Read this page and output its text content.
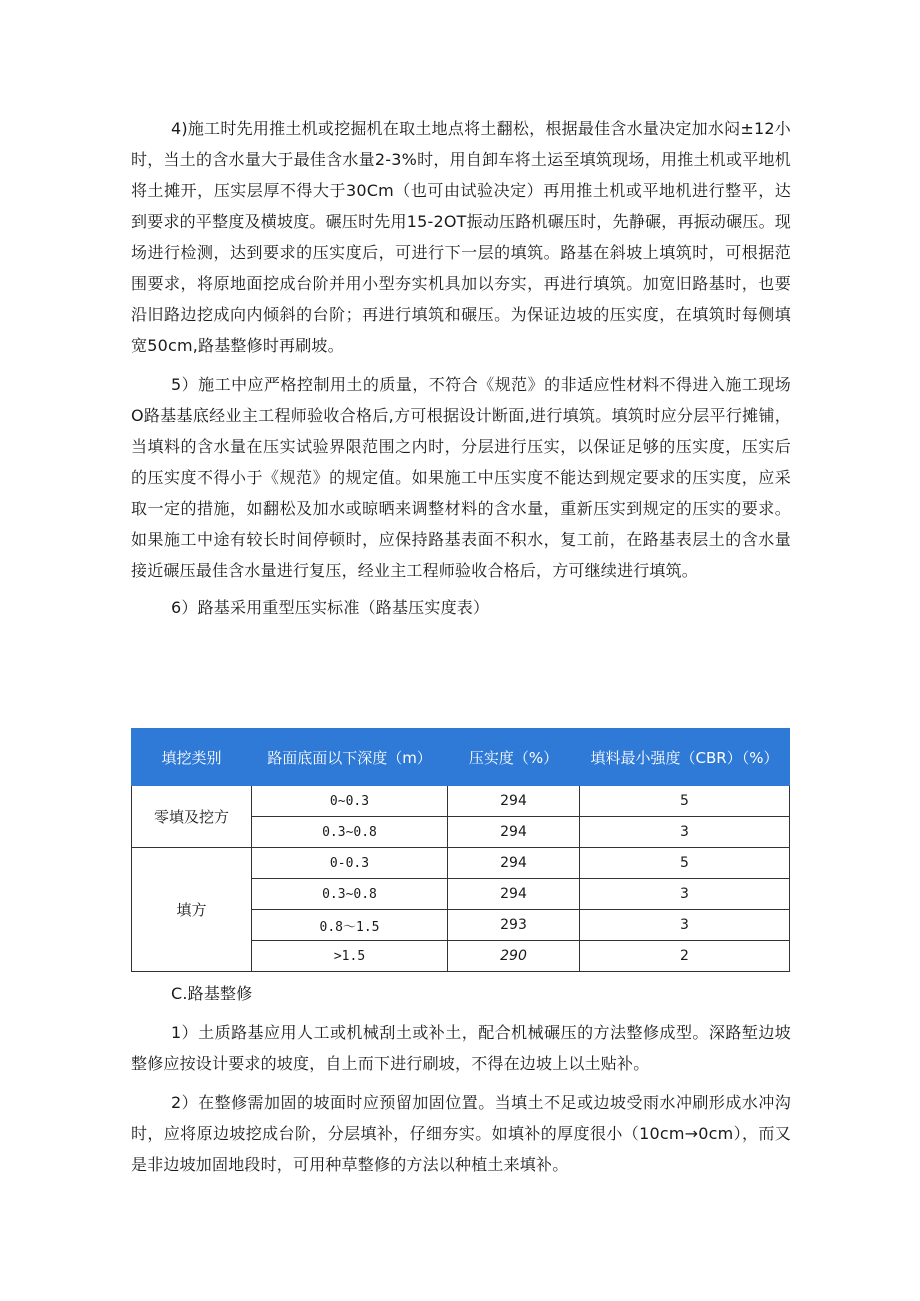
4)施工时先用推土机或挖掘机在取土地点将土翻松，根据最佳含水量决定加水闷±12小时，当土的含水量大于最佳含水量2-3%时，用自卸车将土运至填筑现场，用推土机或平地机将土摊开，压实层厚不得大于30Cm（也可由试验决定）再用推土机或平地机进行整平，达到要求的平整度及横坡度。碾压时先用15-2OT振动压路机碾压时，先静碾，再振动碾压。现场进行检测，达到要求的压实度后，可进行下一层的填筑。路基在斜坡上填筑时，可根据范围要求，将原地面挖成台阶并用小型夯实机具加以夯实，再进行填筑。加宽旧路基时，也要沿旧路边挖成向内倾斜的台阶；再进行填筑和碾压。为保证边坡的压实度，在填筑时每侧填宽50cm,路基整修时再刷坡。

5）施工中应严格控制用土的质量，不符合《规范》的非适应性材料不得进入施工现场O路基基底经业主工程师验收合格后,方可根据设计断面,进行填筑。填筑时应分层平行摊铺，当填料的含水量在压实试验界限范围之内时，分层进行压实，以保证足够的压实度，压实后的压实度不得小于《规范》的规定值。如果施工中压实度不能达到规定要求的压实度，应采取一定的措施，如翻松及加水或晾晒来调整材料的含水量，重新压实到规定的压实的要求。如果施工中途有较长时间停顿时，应保持路基表面不积水，复工前，在路基表层土的含水量接近碾压最佳含水量进行复压，经业主工程师验收合格后，方可继续进行填筑。

6）路基采用重型压实标准（路基压实度表）

填挖类别	路面底面以下深度（m）	压实度（%）	填料最小强度（CBR）（%）
零填及挖方	0~0.3	294	5
	0.3~0.8	294	3
填方	0-0.3	294	5
	0.3~0.8	294	3
	0.8～1.5	293	3
	>1.5	290	2

C.路基整修

1）土质路基应用人工或机械刮土或补土，配合机械碾压的方法整修成型。深路堑边坡整修应按设计要求的坡度，自上而下进行刷坡，不得在边坡上以土贴补。

2）在整修需加固的坡面时应预留加固位置。当填土不足或边坡受雨水冲刷形成水冲沟时，应将原边坡挖成台阶，分层填补，仔细夯实。如填补的厚度很小（10cm→0cm），而又是非边坡加固地段时，可用种草整修的方法以种植土来填补。
